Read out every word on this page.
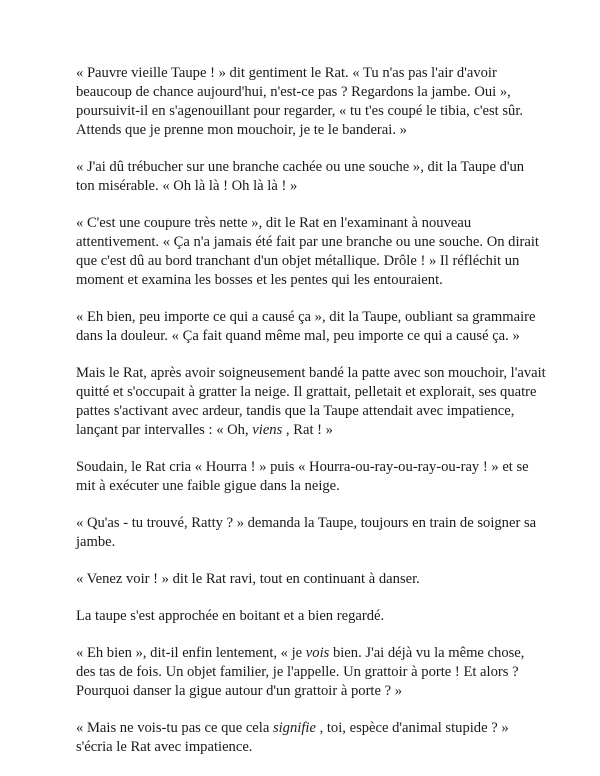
« Pauvre vieille Taupe ! » dit gentiment le Rat. « Tu n'as pas l'air d'avoir beaucoup de chance aujourd'hui, n'est-ce pas ? Regardons la jambe. Oui », poursuivit-il en s'agenouillant pour regarder, « tu t'es coupé le tibia, c'est sûr. Attends que je prenne mon mouchoir, je te le banderai. »

« J'ai dû trébucher sur une branche cachée ou une souche », dit la Taupe d'un ton misérable. « Oh là là ! Oh là là ! »

« C'est une coupure très nette », dit le Rat en l'examinant à nouveau attentivement. « Ça n'a jamais été fait par une branche ou une souche. On dirait que c'est dû au bord tranchant d'un objet métallique. Drôle ! » Il réfléchit un moment et examina les bosses et les pentes qui les entouraient.

« Eh bien, peu importe ce qui a causé ça », dit la Taupe, oubliant sa grammaire dans la douleur. « Ça fait quand même mal, peu importe ce qui a causé ça. »

Mais le Rat, après avoir soigneusement bandé la patte avec son mouchoir, l'avait quitté et s'occupait à gratter la neige. Il grattait, pelletait et explorait, ses quatre pattes s'activant avec ardeur, tandis que la Taupe attendait avec impatience, lançant par intervalles : « Oh, viens , Rat ! »

Soudain, le Rat cria « Hourra ! » puis « Hourra-ou-ray-ou-ray-ou-ray ! » et se mit à exécuter une faible gigue dans la neige.

« Qu'as - tu trouvé, Ratty ? » demanda la Taupe, toujours en train de soigner sa jambe.

« Venez voir ! » dit le Rat ravi, tout en continuant à danser.

La taupe s'est approchée en boitant et a bien regardé.

« Eh bien », dit-il enfin lentement, « je vois bien. J'ai déjà vu la même chose, des tas de fois. Un objet familier, je l'appelle. Un grattoir à porte ! Et alors ? Pourquoi danser la gigue autour d'un grattoir à porte ? »

« Mais ne vois-tu pas ce que cela signifie , toi, espèce d'animal stupide ? » s'écria le Rat avec impatience.
